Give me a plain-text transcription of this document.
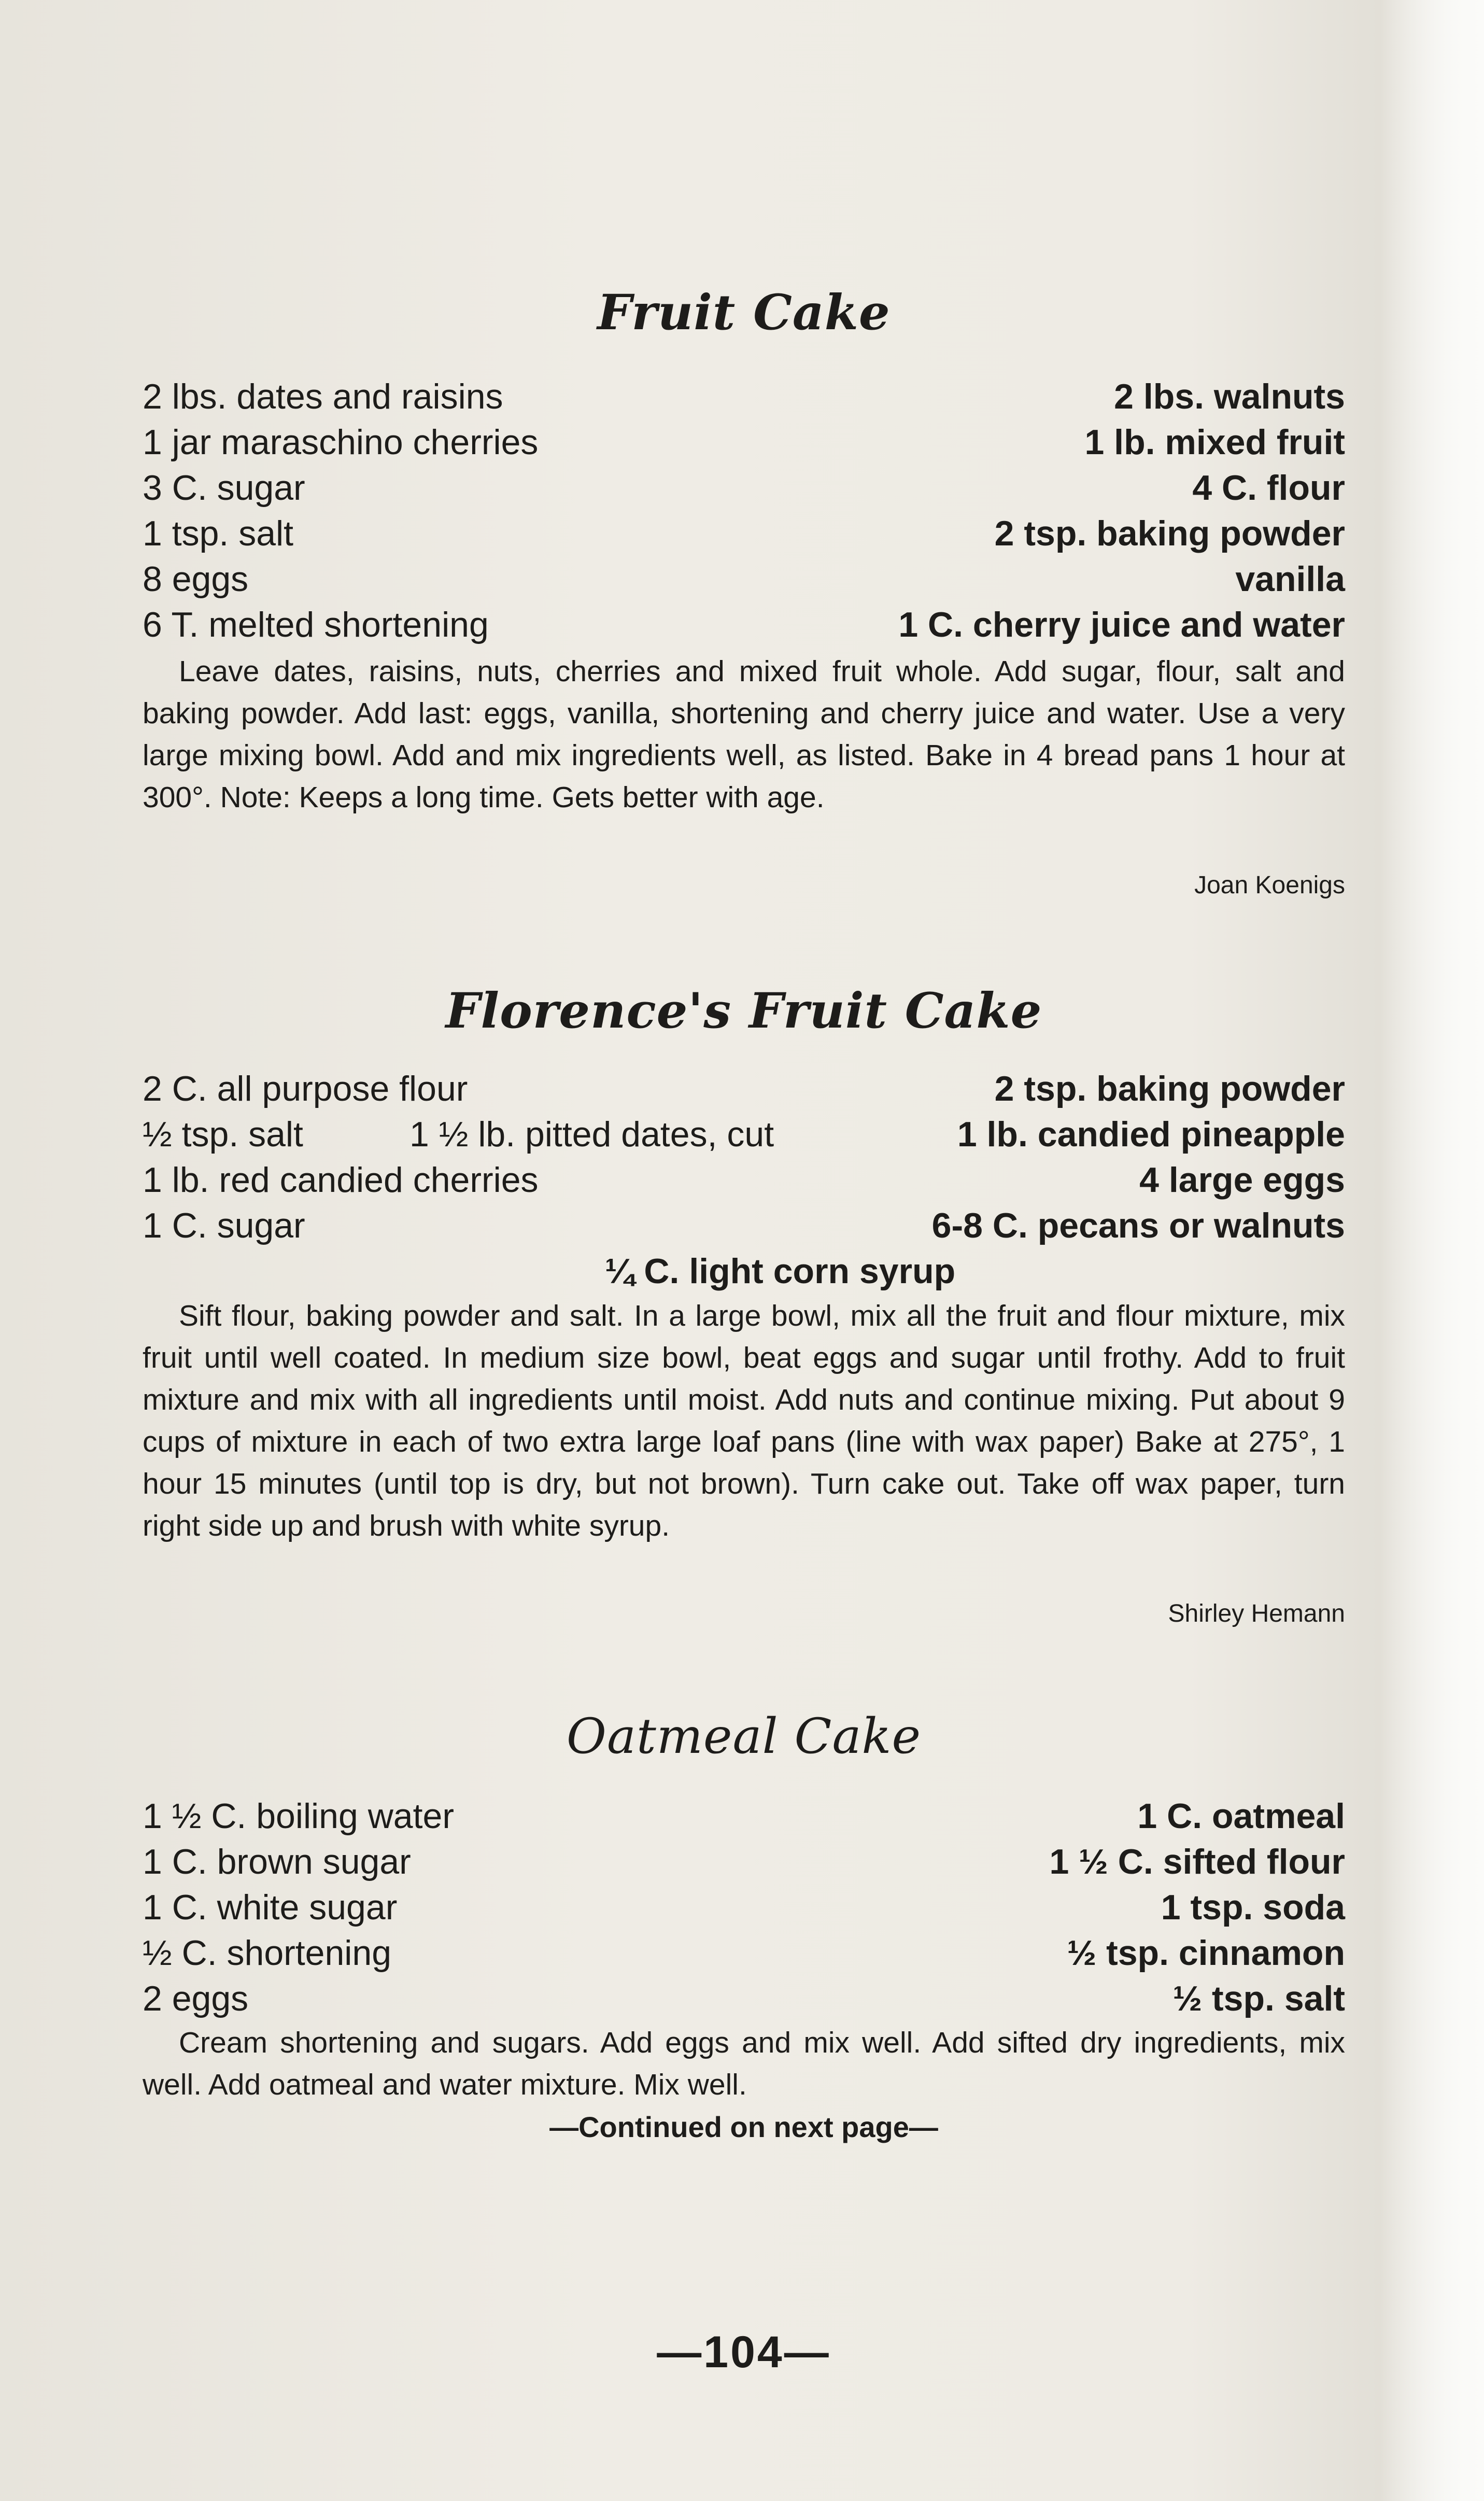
Fruit Cake
2 lbs. dates and raisins	2 lbs. walnuts
1 jar maraschino cherries	1 lb. mixed fruit
3 C. sugar	4 C. flour
1 tsp. salt	2 tsp. baking powder
8 eggs	vanilla
6 T. melted shortening	1 C. cherry juice and water

Leave dates, raisins, nuts, cherries and mixed fruit whole. Add sugar, flour, salt and baking powder. Add last: eggs, vanilla, shortening and cherry juice and water. Use a very large mixing bowl. Add and mix ingredients well, as listed. Bake in 4 bread pans 1 hour at 300°. Note: Keeps a long time. Gets better with age.

Joan Koenigs
Florence's Fruit Cake
2 C. all purpose flour	2 tsp. baking powder
½ tsp. salt	1 ½ lb. pitted dates, cut	1 lb. candied pineapple
1 lb. red candied cherries	4 large eggs
1 C. sugar	6-8 C. pecans or walnuts
¼ C. light corn syrup

Sift flour, baking powder and salt. In a large bowl, mix all the fruit and flour mixture, mix fruit until well coated. In medium size bowl, beat eggs and sugar until frothy. Add to fruit mixture and mix with all ingredients until moist. Add nuts and continue mixing. Put about 9 cups of mixture in each of two extra large loaf pans (line with wax paper) Bake at 275°, 1 hour 15 minutes (until top is dry, but not brown). Turn cake out. Take off wax paper, turn right side up and brush with white syrup.

Shirley Hemann
Oatmeal Cake
1 ½ C. boiling water	1 C. oatmeal
1 C. brown sugar	1 ½ C. sifted flour
1 C. white sugar	1 tsp. soda
½ C. shortening	½ tsp. cinnamon
2 eggs	½ tsp. salt

Cream shortening and sugars. Add eggs and mix well. Add sifted dry ingredients, mix well. Add oatmeal and water mixture. Mix well.

—Continued on next page—
—104—
